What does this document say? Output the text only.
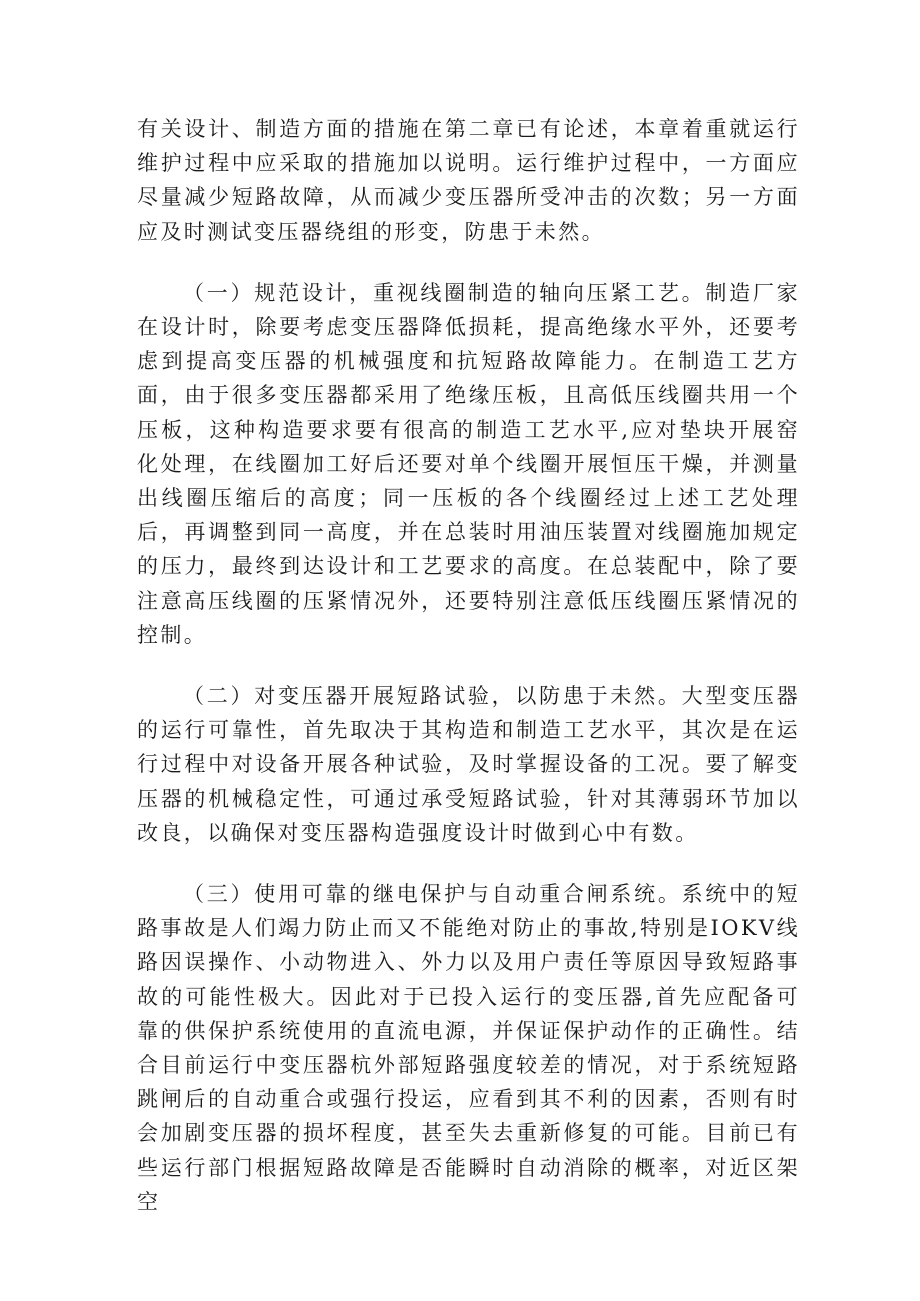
有关设计、制造方面的措施在第二章已有论述，本章着重就运行维护过程中应采取的措施加以说明。运行维护过程中，一方面应尽量减少短路故障，从而减少变压器所受冲击的次数；另一方面应及时测试变压器绕组的形变，防患于未然。

（一）规范设计，重视线圈制造的轴向压紧工艺。制造厂家在设计时，除要考虑变压器降低损耗，提高绝缘水平外，还要考虑到提高变压器的机械强度和抗短路故障能力。在制造工艺方面，由于很多变压器都采用了绝缘压板，且高低压线圈共用一个压板，这种构造要求要有很高的制造工艺水平,应对垫块开展窑化处理，在线圈加工好后还要对单个线圈开展恒压干燥，并测量出线圈压缩后的高度；同一压板的各个线圈经过上述工艺处理后，再调整到同一高度，并在总装时用油压装置对线圈施加规定的压力，最终到达设计和工艺要求的高度。在总装配中，除了要注意高压线圈的压紧情况外，还要特别注意低压线圈压紧情况的控制。

（二）对变压器开展短路试验，以防患于未然。大型变压器的运行可靠性，首先取决于其构造和制造工艺水平，其次是在运行过程中对设备开展各种试验，及时掌握设备的工况。要了解变压器的机械稳定性，可通过承受短路试验，针对其薄弱环节加以改良，以确保对变压器构造强度设计时做到心中有数。

（三）使用可靠的继电保护与自动重合闸系统。系统中的短路事故是人们竭力防止而又不能绝对防止的事故,特别是IOKV线路因误操作、小动物进入、外力以及用户责任等原因导致短路事故的可能性极大。因此对于已投入运行的变压器,首先应配备可靠的供保护系统使用的直流电源，并保证保护动作的正确性。结合目前运行中变压器杭外部短路强度较差的情况，对于系统短路跳闸后的自动重合或强行投运，应看到其不利的因素，否则有时会加剧变压器的损坏程度，甚至失去重新修复的可能。目前已有些运行部门根据短路故障是否能瞬时自动消除的概率，对近区架空
